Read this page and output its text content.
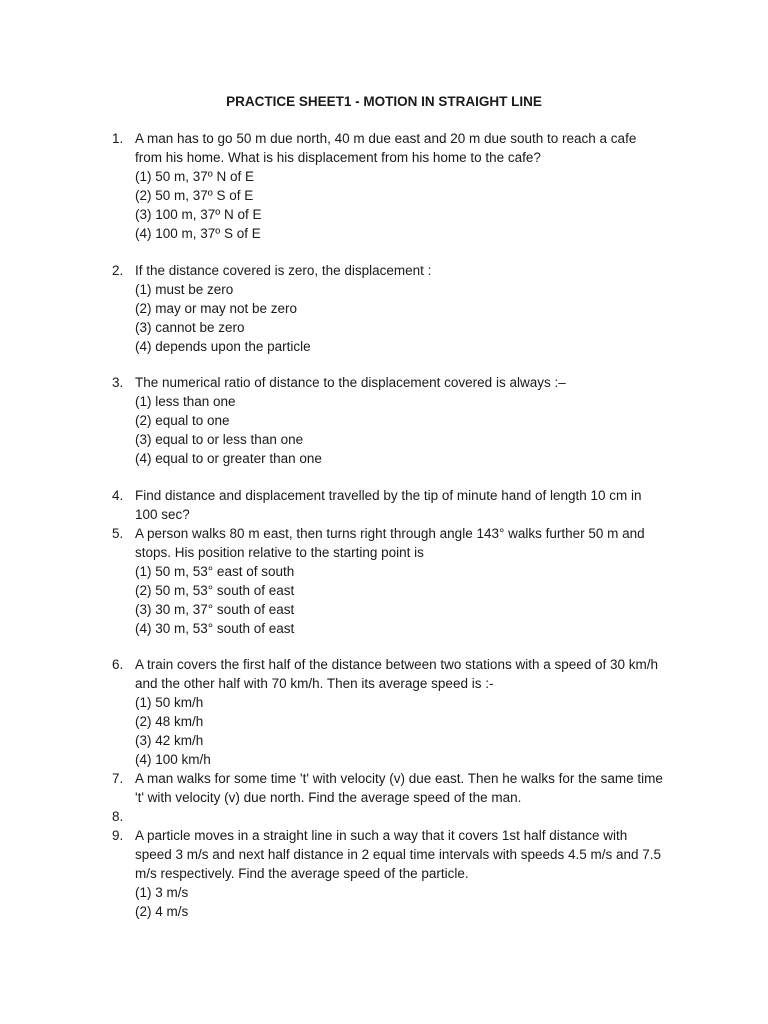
PRACTICE SHEET1 - MOTION IN STRAIGHT LINE
1. A man has to go 50 m due north, 40 m due east and 20 m due south to reach a cafe
from his home. What is his displacement from his home to the cafe?
(1) 50 m, 37º N of E
(2) 50 m, 37º S of E
(3) 100 m, 37º N of E
(4) 100 m, 37º S of E
2. If the distance covered is zero, the displacement :
(1) must be zero
(2) may or may not be zero
(3) cannot be zero
(4) depends upon the particle
3. The numerical ratio of distance to the displacement covered is always :–
(1) less than one
(2) equal to one
(3) equal to or less than one
(4) equal to or greater than one
4. Find distance and displacement travelled by the tip of minute hand of length 10 cm in
100 sec?
5. A person walks 80 m east, then turns right through angle 143° walks further 50 m and
stops. His position relative to the starting point is
(1) 50 m, 53° east of south
(2) 50 m, 53° south of east
(3) 30 m, 37° south of east
(4) 30 m, 53° south of east
6. A train covers the first half of the distance between two stations with a speed of 30 km/h
and the other half with 70 km/h. Then its average speed is :-
(1) 50 km/h
(2) 48 km/h
(3) 42 km/h
(4) 100 km/h
7. A man walks for some time 't' with velocity (v) due east. Then he walks for the same time
't' with velocity (v) due north. Find the average speed of the man.
8.

9. A particle moves in a straight line in such a way that it covers 1st half distance with
speed 3 m/s and next half distance in 2 equal time intervals with speeds 4.5 m/s and 7.5
m/s respectively. Find the average speed of the particle.
(1) 3 m/s
(2) 4 m/s
